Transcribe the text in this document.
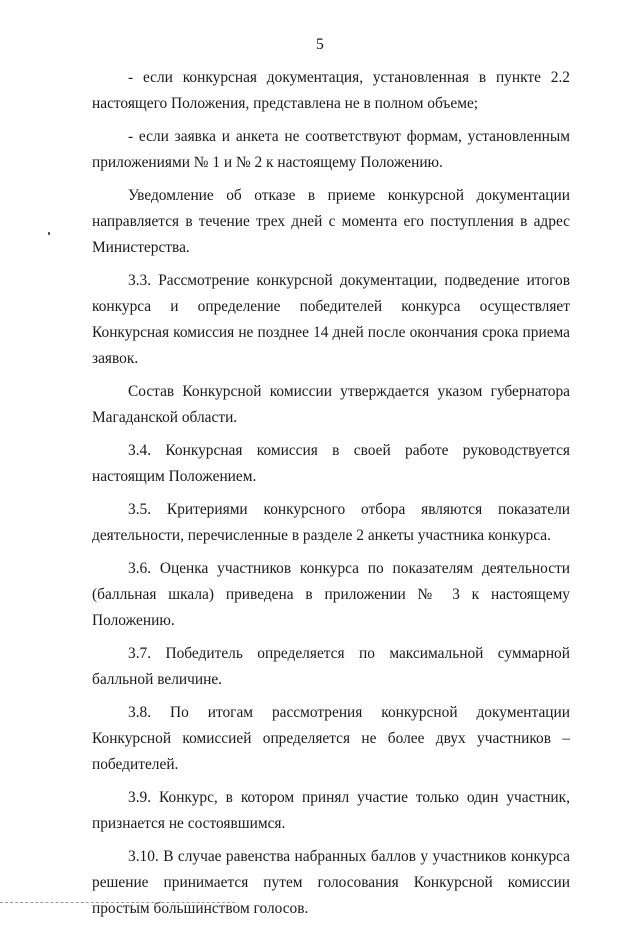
5

- если конкурсная документация, установленная в пункте 2.2 настоящего Положения, представлена не в полном объеме;

- если заявка и анкета не соответствуют формам, установленным приложениями № 1 и № 2 к настоящему Положению.

Уведомление об отказе в приеме конкурсной документации направляется в течение трех дней с момента его поступления в адрес Министерства.

3.3. Рассмотрение конкурсной документации, подведение итогов конкурса и определение победителей конкурса осуществляет Конкурсная комиссия не позднее 14 дней после окончания срока приема заявок.

Состав Конкурсной комиссии утверждается указом губернатора Магаданской области.

3.4. Конкурсная комиссия в своей работе руководствуется настоящим Положением.

3.5. Критериями конкурсного отбора являются показатели деятельности, перечисленные в разделе 2 анкеты участника конкурса.

3.6. Оценка участников конкурса по показателям деятельности (балльная шкала) приведена в приложении № 3 к настоящему Положению.

3.7. Победитель определяется по максимальной суммарной балльной величине.

3.8. По итогам рассмотрения конкурсной документации Конкурсной комиссией определяется не более двух участников – победителей.

3.9. Конкурс, в котором принял участие только один участник, признается не состоявшимся.

3.10. В случае равенства набранных баллов у участников конкурса решение принимается путем голосования Конкурсной комиссии простым большинством голосов.
